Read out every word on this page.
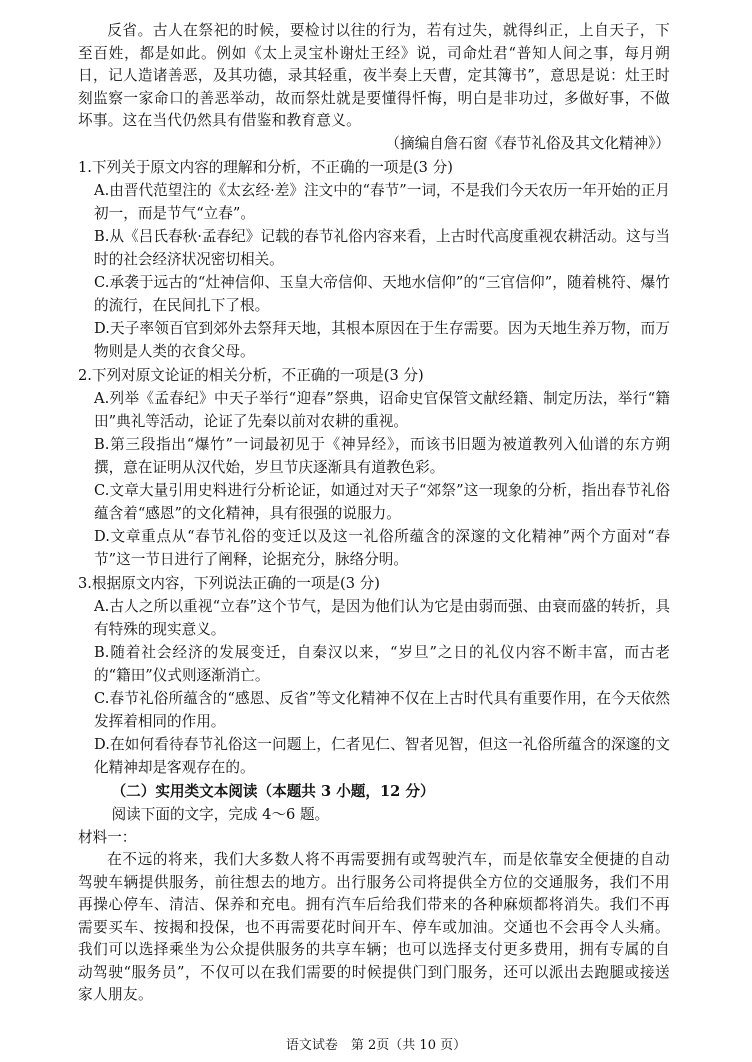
反省。古人在祭祀的时候，要检讨以往的行为，若有过失，就得纠正，上自天子，下至百姓，都是如此。例如《太上灵宝朴谢灶王经》说，司命灶君“普知人间之事，每月朔日，记人造诸善恶，及其功德，录其轻重，夜半奏上天曹，定其簿书”，意思是说：灶王时刻监察一家命口的善恶举动，故而祭灶就是要懂得忏悔，明白是非功过，多做好事，不做坏事。这在当代仍然具有借鉴和教育意义。

（摘编自詹石窗《春节礼俗及其文化精神》）

1.下列关于原文内容的理解和分析，不正确的一项是(3 分)

A.由晋代范望注的《太玄经·差》注文中的“春节”一词，不是我们今天农历一年开始的正月初一，而是节气“立春”。

B.从《吕氏春秋·孟春纪》记载的春节礼俗内容来看，上古时代高度重视农耕活动。这与当时的社会经济状况密切相关。

C.承袭于远古的“灶神信仰、玉皇大帝信仰、天地水信仰”的“三官信仰”，随着桃符、爆竹的流行，在民间扎下了根。

D.天子率领百官到郊外去祭拜天地，其根本原因在于生存需要。因为天地生养万物，而万物则是人类的衣食父母。

2.下列对原文论证的相关分析，不正确的一项是(3 分)

A.列举《孟春纪》中天子举行“迎春”祭典，诏命史官保管文献经籍、制定历法，举行“籍田”典礼等活动，论证了先秦以前对农耕的重视。

B.第三段指出“爆竹”一词最初见于《神异经》，而该书旧题为被道教列入仙谱的东方朔撰，意在证明从汉代始，岁旦节庆逐渐具有道教色彩。

C.文章大量引用史料进行分析论证，如通过对天子“郊祭”这一现象的分析，指出春节礼俗蕴含着“感恩”的文化精神，具有很强的说服力。

D.文章重点从“春节礼俗的变迁以及这一礼俗所蕴含的深邃的文化精神”两个方面对“春节”这一节日进行了阐释，论据充分，脉络分明。

3.根据原文内容，下列说法正确的一项是(3 分)

A.古人之所以重视“立春”这个节气，是因为他们认为它是由弱而强、由衰而盛的转折，具有特殊的现实意义。

B.随着社会经济的发展变迁，自秦汉以来，“岁旦”之日的礼仪内容不断丰富，而古老的“籍田”仪式则逐渐消亡。

C.春节礼俗所蕴含的“感恩、反省”等文化精神不仅在上古时代具有重要作用，在今天依然发挥着相同的作用。

D.在如何看待春节礼俗这一问题上，仁者见仁、智者见智，但这一礼俗所蕴含的深邃的文化精神却是客观存在的。

（二）实用类文本阅读（本题共 3 小题，12 分）

阅读下面的文字，完成 4～6 题。

材料一：

在不远的将来，我们大多数人将不再需要拥有或驾驶汽车，而是依靠安全便捷的自动驾驶车辆提供服务，前往想去的地方。出行服务公司将提供全方位的交通服务，我们不用再操心停车、清洁、保养和充电。拥有汽车后给我们带来的各种麻烦都将消失。我们不再需要买车、按揭和投保，也不再需要花时间开车、停车或加油。交通也不会再令人头痛。我们可以选择乘坐为公众提供服务的共享车辆；也可以选择支付更多费用，拥有专属的自动驾驶“服务员”，不仅可以在我们需要的时候提供门到门服务，还可以派出去跑腿或接送家人朋友。

语文试卷　第 2页（共 10 页）
